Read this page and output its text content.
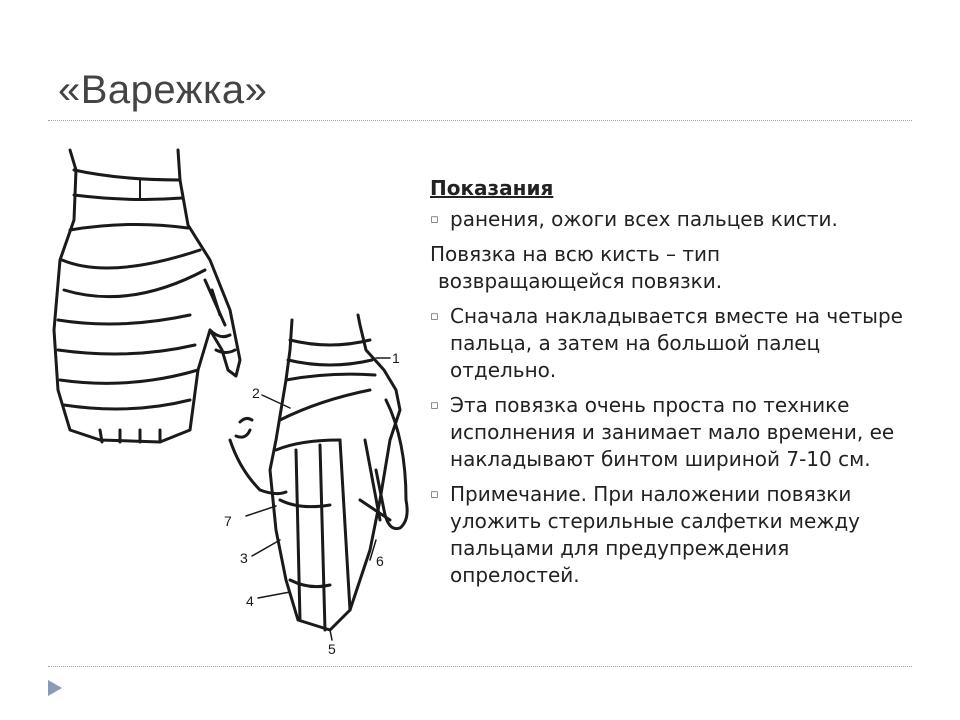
«Варежка»
1
2
7
3
4
5
6
Показания
▫ ранения, ожоги всех пальцев кисти.
Повязка на всю кисть – тип
возвращающейся повязки.
▫ Сначала накладывается вместе на четыре пальца, а затем на большой палец отдельно.
▫ Эта повязка очень проста по технике исполнения и занимает мало времени, ее накладывают бинтом шириной 7-10 см.
▫ Примечание. При наложении повязки уложить стерильные салфетки между пальцами для предупреждения опрелостей.
